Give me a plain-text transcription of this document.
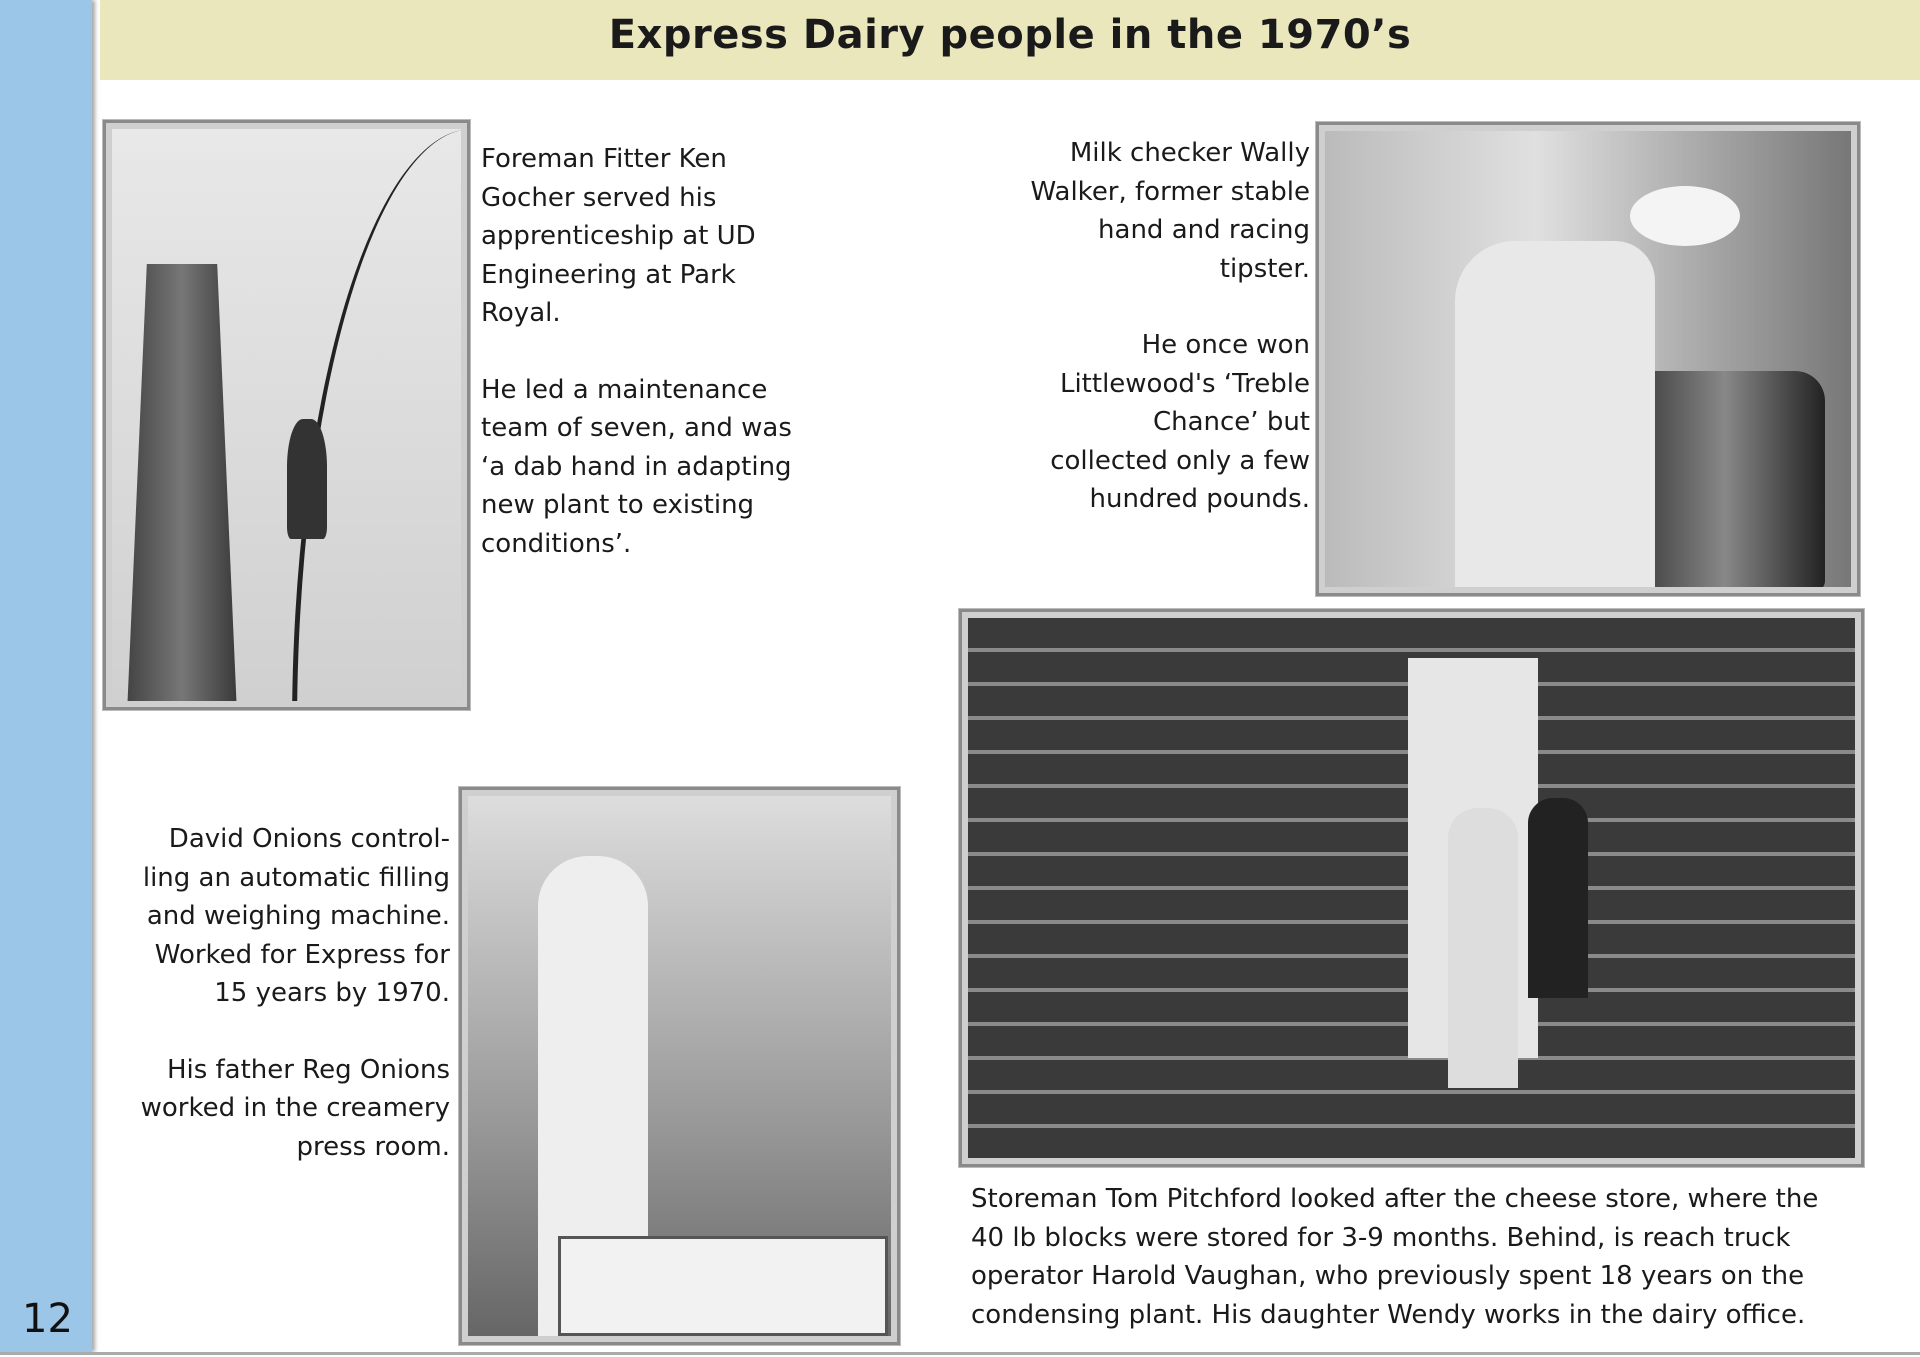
12
Express Dairy people in the 1970’s

Foreman Fitter Ken Gocher served his apprenticeship at UD Engineering at Park Royal.

He led a maintenance team of seven, and was ‘a dab hand in adapting new plant to existing conditions’.

Milk checker Wally Walker, former stable hand and racing tipster.

He once won Littlewood's ‘Treble Chance’ but collected only a few hundred pounds.

David Onions control-ling an automatic filling and weighing machine. Worked for Express for 15 years by 1970.

His father Reg Onions worked in the creamery press room.

Storeman Tom Pitchford looked after the cheese store, where the 40 lb blocks were stored for 3-9 months. Behind, is reach truck operator Harold Vaughan, who previously spent 18 years on the condensing plant. His daughter Wendy works in the dairy office.
